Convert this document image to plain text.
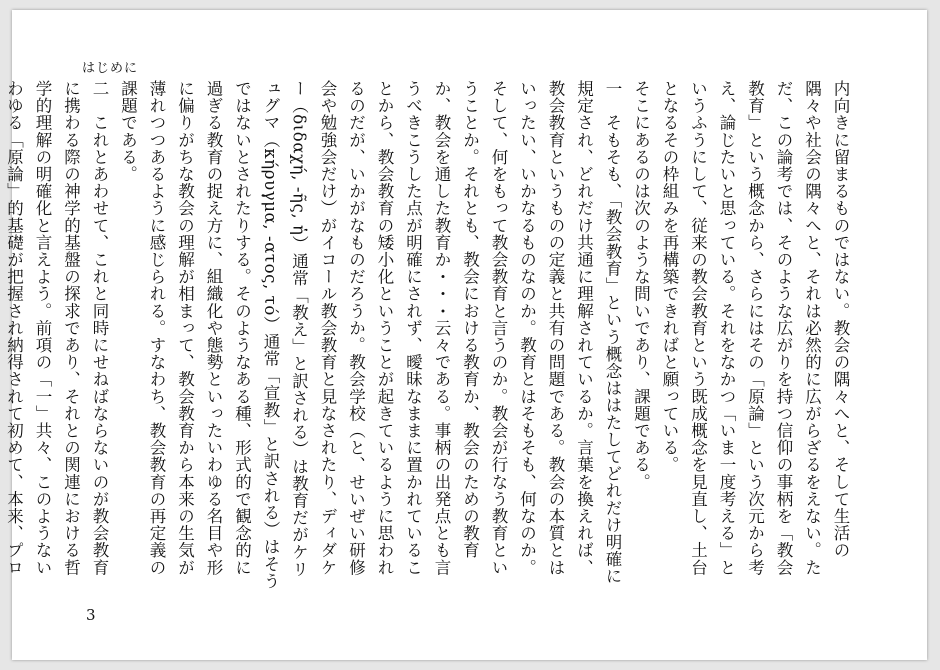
はじめに

内向きに留まるものではない。教会の隅々へと、そして生活の隅々や社会の隅々へと、それは必然的に広がらざるをえない。ただ、この論考では、そのような広がりを持つ信仰の事柄を「教会教育」という概念から、さらにはその「原論」という次元から考え、論じたいと思っている。それをなかつ「いま一度考える」というふうにして、従来の教会教育という既成概念を見直し、土台となるその枠組みを再構築できればと願っている。

そこにあるのは次のような問いであり、課題である。

一　そもそも、「教会教育」という概念ははたしてどれだけ明確に規定され、どれだけ共通に理解されているか。言葉を換えれば、教会教育というものの定義と共有の問題である。教会の本質とはいったい、いかなるものなのか。教育とはそもそも、何なのか。そして、何をもって教会教育と言うのか。教会が行なう教育ということか。それとも、教会における教育か、教会のための教育か、教会を通した教育か・・・云々である。事柄の出発点とも言うべきこうした点が明確にされず、曖昧なままに置かれていることから、教会教育の矮小化ということが起きているように思われるのだが、いかがなものだろうか。教会学校（と、せいぜい研修会や勉強会だけ）がイコール教会教育と見なされたり、ディダケー（διδαχή, -ῆς, ἡ）通常「教え」と訳される）は教育だがケリュグマ（κήρυγμα, -ατος, τό）通常「宣教」と訳される）はそうではないとされたりする。そのようなある種、形式的で観念的に過ぎる教育の捉え方に、組織化や態勢といったいわゆる名目や形に偏りがちな教会の理解が相まって、教会教育から本来の生気が薄れつつあるように感じられる。すなわち、教会教育の再定義の課題である。

二　これとあわせて、これと同時にせねばならないのが教会教育に携わる際の神学的基盤の探求であり、それとの関連における哲学的理解の明確化と言えよう。前項の「一」共々、このようないわゆる「原論」的基礎が把握され納得されて初めて、本来、プロ

3
